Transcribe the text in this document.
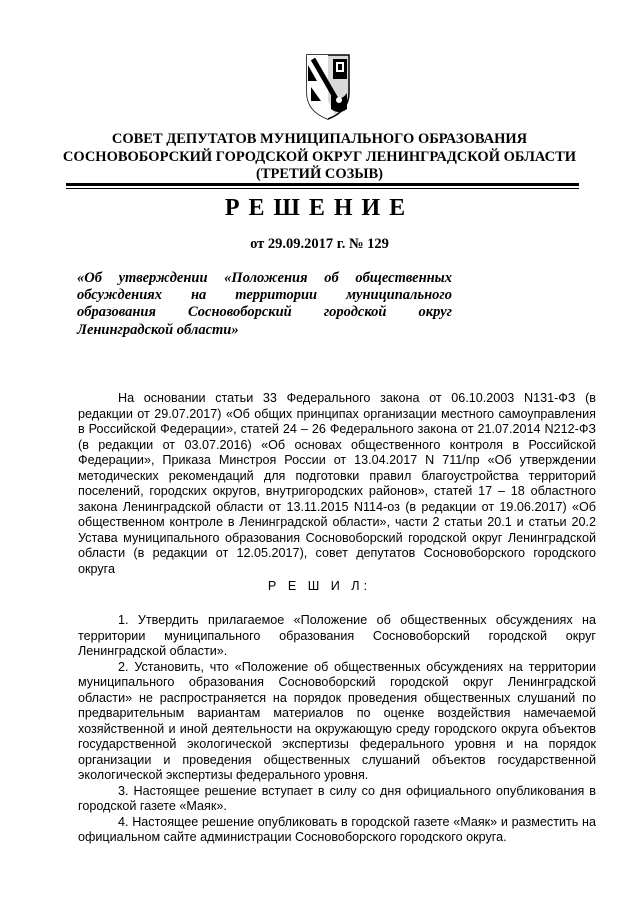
СОВЕТ ДЕПУТАТОВ МУНИЦИПАЛЬНОГО ОБРАЗОВАНИЯ
СОСНОВОБОРСКИЙ ГОРОДСКОЙ ОКРУГ ЛЕНИНГРАДСКОЙ ОБЛАСТИ
(ТРЕТИЙ СОЗЫВ)
РЕШЕНИЕ
от 29.09.2017 г. № 129
«Об утверждении «Положения об общественных обсуждениях на территории муниципального образования Сосновоборский городской округ Ленинградской области»

На основании статьи 33 Федерального закона от 06.10.2003 N131-ФЗ (в редакции от 29.07.2017) «Об общих принципах организации местного самоуправления в Российской Федерации», статей 24 – 26 Федерального закона от 21.07.2014 N212-ФЗ (в редакции от 03.07.2016) «Об основах общественного контроля в Российской Федерации», Приказа Минстроя России от 13.04.2017 N 711/пр «Об утверждении методических рекомендаций для подготовки правил благоустройства территорий поселений, городских округов, внутригородских районов», статей 17 – 18 областного закона Ленинградской области от 13.11.2015 N114-оз (в редакции от 19.06.2017) «Об общественном контроле в Ленинградской области», части 2 статьи 20.1 и статьи 20.2 Устава муниципального образования Сосновоборский городской округ Ленинградской области (в редакции от 12.05.2017), совет депутатов Сосновоборского городского округа

Р Е Ш И Л:

1. Утвердить прилагаемое «Положение об общественных обсуждениях на территории муниципального образования Сосновоборский городской округ Ленинградской области».

2. Установить, что «Положение об общественных обсуждениях на территории муниципального образования Сосновоборский городской округ Ленинградской области» не распространяется на порядок проведения общественных слушаний по предварительным вариантам материалов по оценке воздействия намечаемой хозяйственной и иной деятельности на окружающую среду городского округа объектов государственной экологической экспертизы федерального уровня и на порядок организации и проведения общественных слушаний объектов государственной экологической экспертизы федерального уровня.

3. Настоящее решение вступает в силу со дня официального опубликования в городской газете «Маяк».

4. Настоящее решение опубликовать в городской газете «Маяк» и разместить на официальном сайте администрации Сосновоборского городского округа.
